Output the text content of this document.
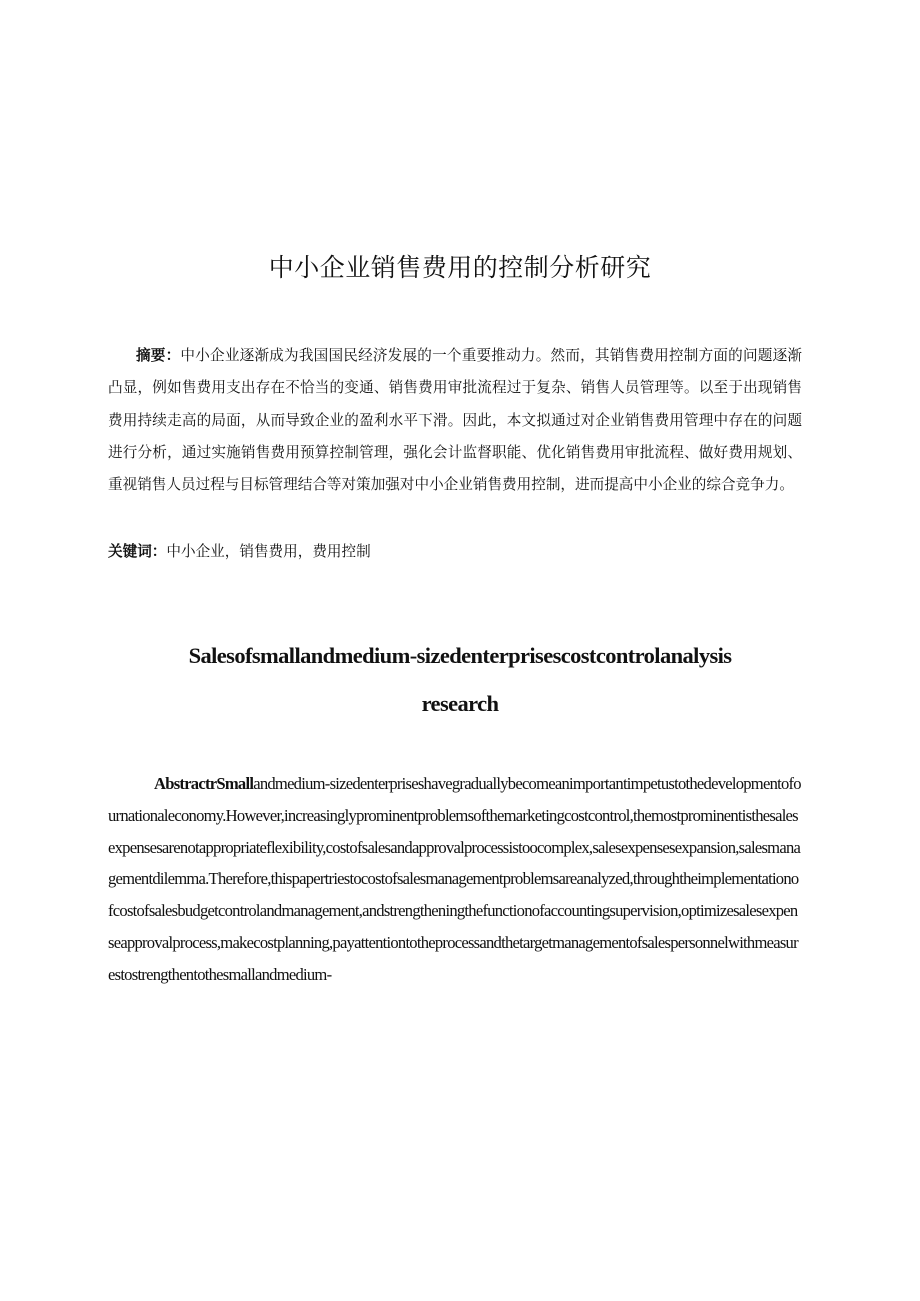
中小企业销售费用的控制分析研究

摘要：中小企业逐渐成为我国国民经济发展的一个重要推动力。然而，其销售费用控制方面的问题逐渐凸显，例如售费用支出存在不恰当的变通、销售费用审批流程过于复杂、销售人员管理等。以至于出现销售费用持续走高的局面，从而导致企业的盈利水平下滑。因此，本文拟通过对企业销售费用管理中存在的问题进行分析，通过实施销售费用预算控制管理，强化会计监督职能、优化销售费用审批流程、做好费用规划、重视销售人员过程与目标管理结合等对策加强对中小企业销售费用控制，进而提高中小企业的综合竞争力。

关键词：中小企业，销售费用，费用控制

Salesofsmallandmedium-sizedenterprisescostcontrolanalysis
research

AbstractrSmallandmedium-sizedenterpriseshavegraduallybecomeanimportantimpetustothedevelopmentofournationaleconomy.However,increasinglyprominentproblemsofthemarketingcostcontrol,themostprominentisthesalesexpensesarenotappropriateflexibility,costofsalesandapprovalprocessistoocomplex,salesexpensesexpansion,salesmanagementdilemma.Therefore,thispapertriestocostofsalesmanagementproblemsareanalyzed,throughtheimplementationofcostofsalesbudgetcontrolandmanagement,andstrengtheningthefunctionofaccountingsupervision,optimizesalesexpenseapprovalprocess,makecostplanning,payattentiontotheprocessandthetargetmanagementofsalespersonnelwithmeasurestostrengthentothesmallandmedium-
